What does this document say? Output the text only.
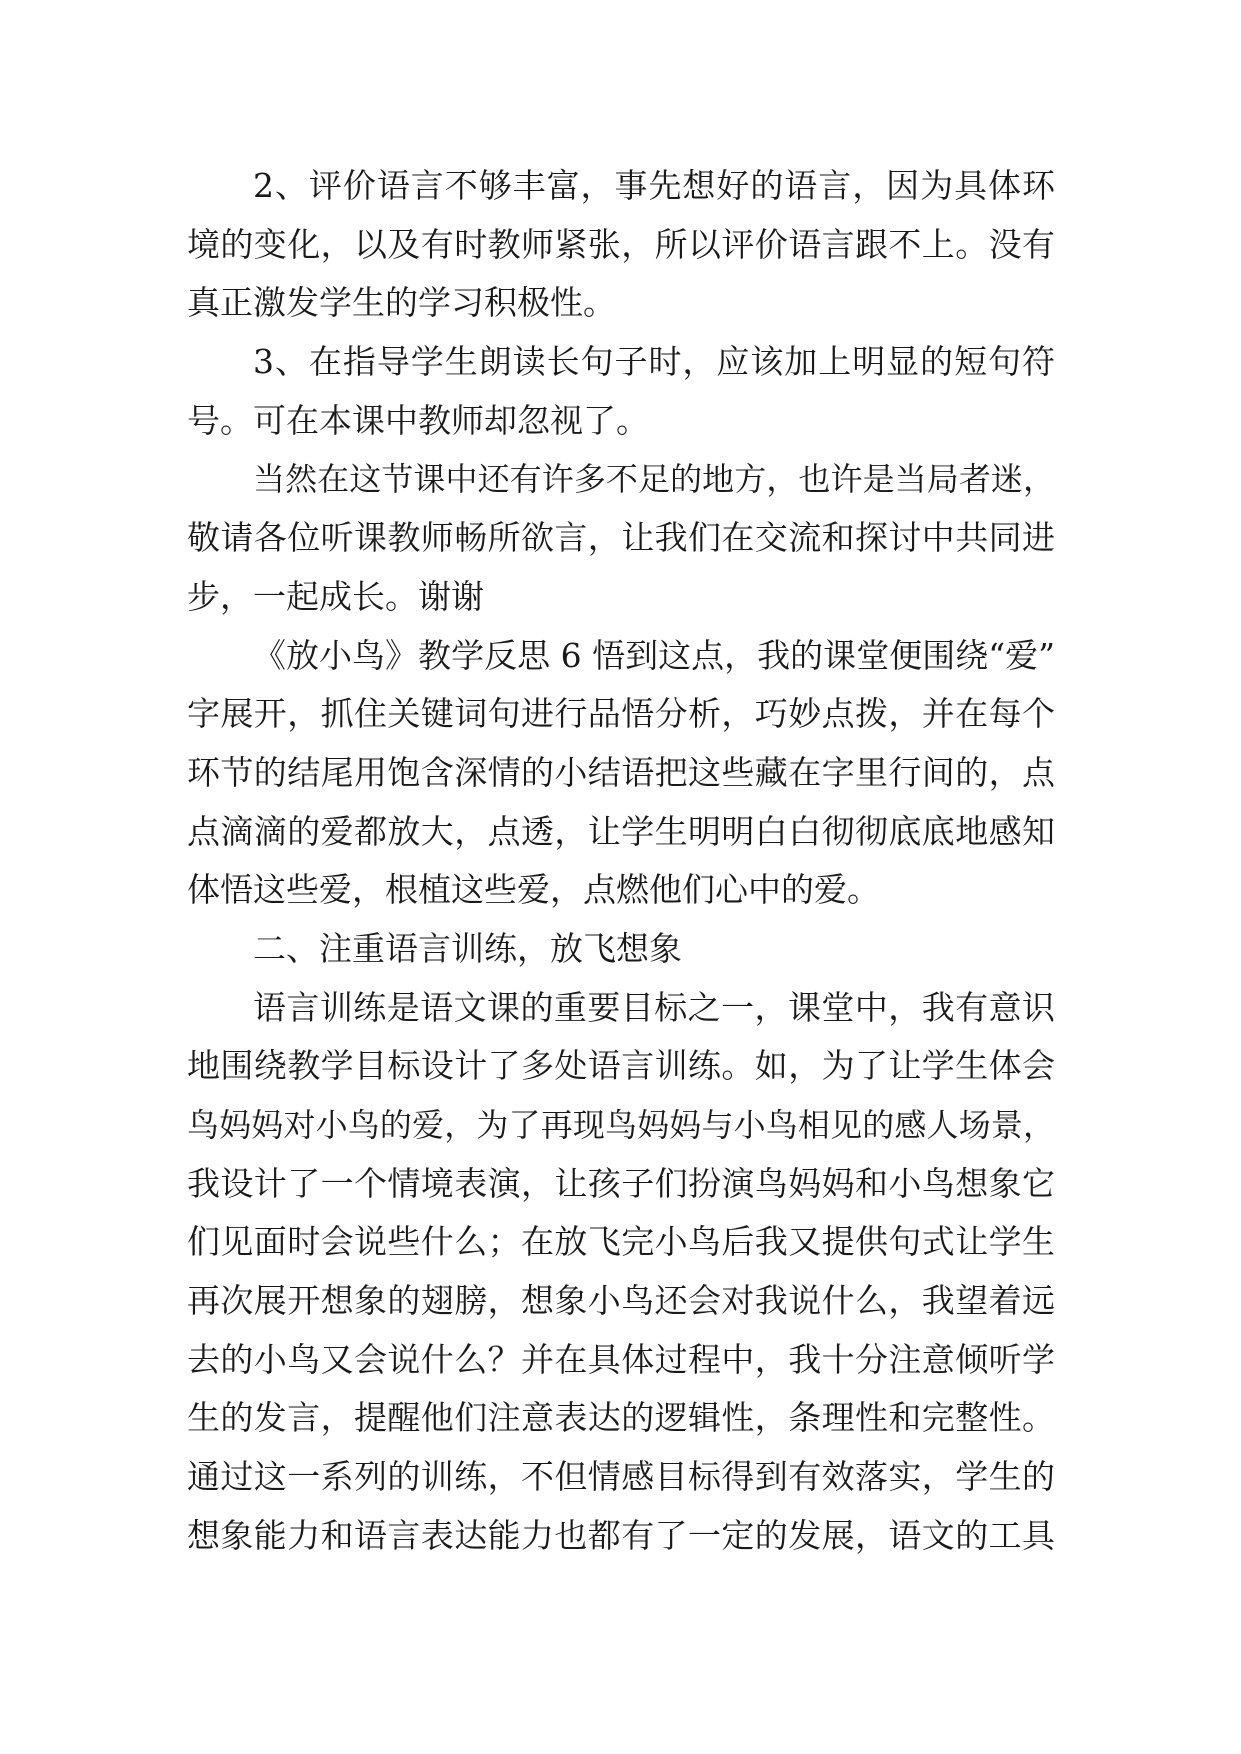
2、评价语言不够丰富，事先想好的语言，因为具体环
境的变化，以及有时教师紧张，所以评价语言跟不上。没有
真正激发学生的学习积极性。
3、在指导学生朗读长句子时，应该加上明显的短句符
号。可在本课中教师却忽视了。
当然在这节课中还有许多不足的地方，也许是当局者迷，
敬请各位听课教师畅所欲言，让我们在交流和探讨中共同进
步，一起成长。谢谢
《放小鸟》教学反思 6 悟到这点，我的课堂便围绕“爱”
字展开，抓住关键词句进行品悟分析，巧妙点拨，并在每个
环节的结尾用饱含深情的小结语把这些藏在字里行间的，点
点滴滴的爱都放大，点透，让学生明明白白彻彻底底地感知
体悟这些爱，根植这些爱，点燃他们心中的爱。
二、注重语言训练，放飞想象
语言训练是语文课的重要目标之一，课堂中，我有意识
地围绕教学目标设计了多处语言训练。如，为了让学生体会
鸟妈妈对小鸟的爱，为了再现鸟妈妈与小鸟相见的感人场景，
我设计了一个情境表演，让孩子们扮演鸟妈妈和小鸟想象它
们见面时会说些什么；在放飞完小鸟后我又提供句式让学生
再次展开想象的翅膀，想象小鸟还会对我说什么，我望着远
去的小鸟又会说什么？并在具体过程中，我十分注意倾听学
生的发言，提醒他们注意表达的逻辑性，条理性和完整性。
通过这一系列的训练，不但情感目标得到有效落实，学生的
想象能力和语言表达能力也都有了一定的发展，语文的工具
